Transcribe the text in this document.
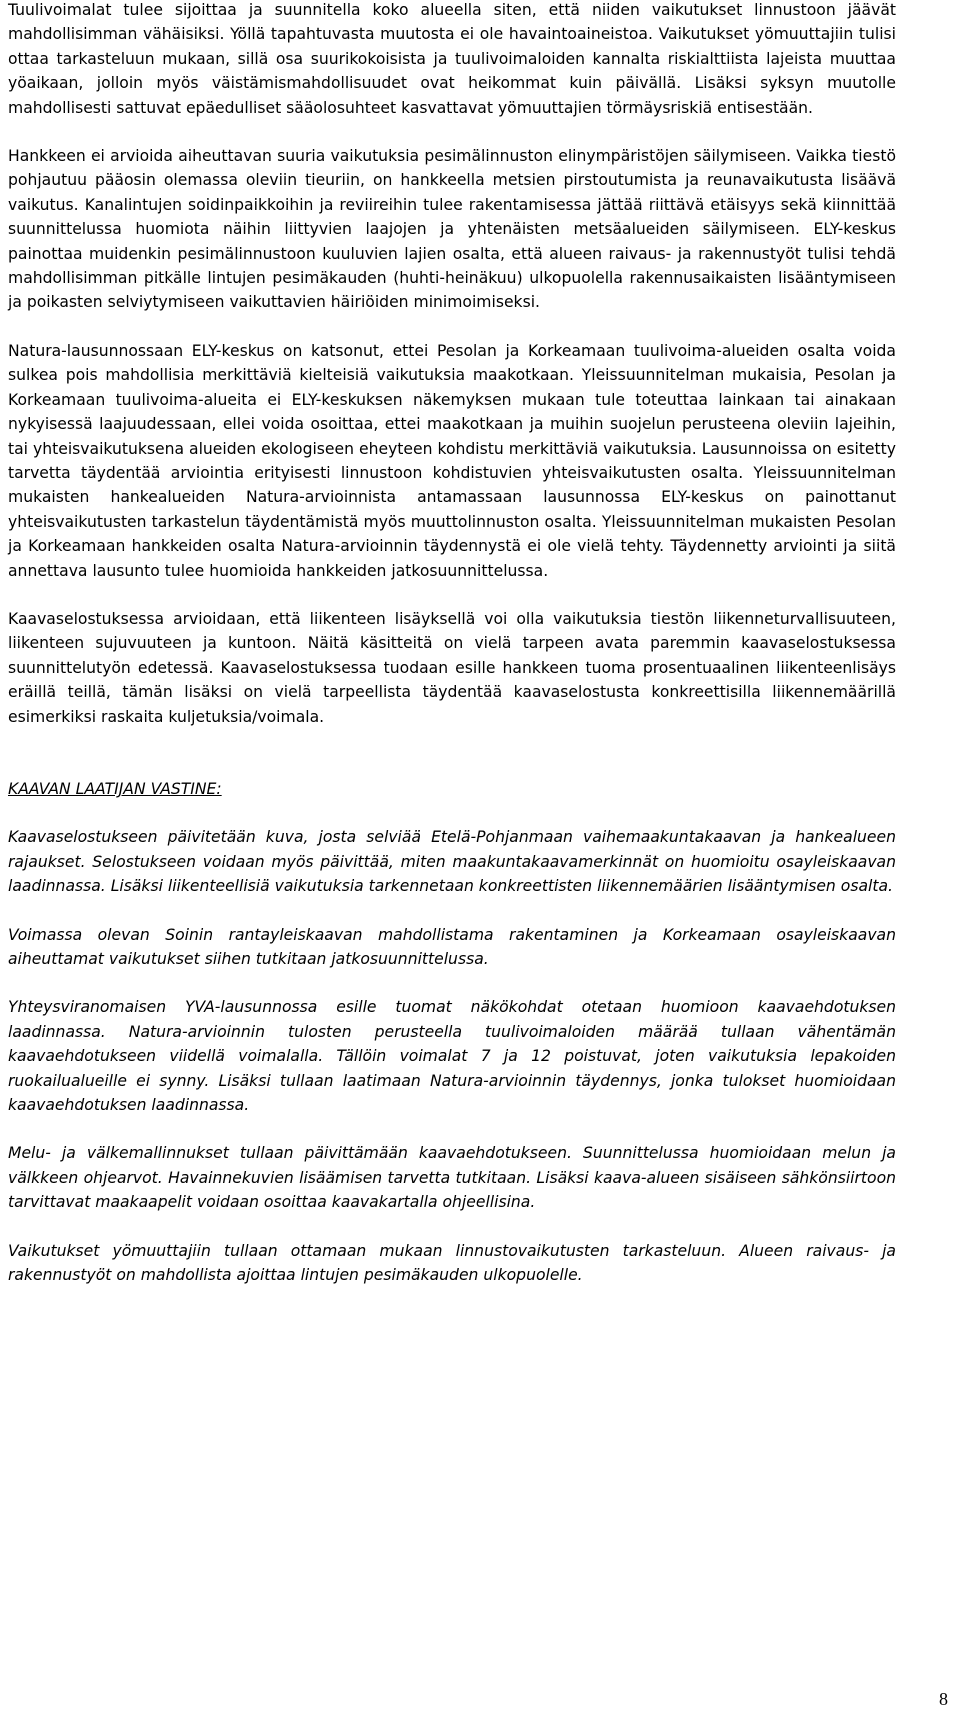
Tuulivoimalat tulee sijoittaa ja suunnitella koko alueella siten, että niiden vaikutukset linnustoon jäävät mahdollisimman vähäisiksi. Yöllä tapahtuvasta muutosta ei ole havaintoaineistoa. Vaikutukset yömuuttajiin tulisi ottaa tarkasteluun mukaan, sillä osa suurikokoisista ja tuulivoimaloiden kannalta riskialttiista lajeista muuttaa yöaikaan, jolloin myös väistämismahdollisuudet ovat heikommat kuin päivällä. Lisäksi syksyn muutolle mahdollisesti sattuvat epäedulliset sääolosuhteet kasvattavat yömuuttajien törmäysriskiä entisestään.

Hankkeen ei arvioida aiheuttavan suuria vaikutuksia pesimälinnuston elinympäristöjen säilymiseen. Vaikka tiestö pohjautuu pääosin olemassa oleviin tieuriin, on hankkeella metsien pirstoutumista ja reunavaikutusta lisäävä vaikutus. Kanalintujen soidinpaikkoihin ja reviireihin tulee rakentamisessa jättää riittävä etäisyys sekä kiinnittää suunnittelussa huomiota näihin liittyvien laajojen ja yhtenäisten metsäalueiden säilymiseen. ELY-keskus painottaa muidenkin pesimälinnustoon kuuluvien lajien osalta, että alueen raivaus- ja rakennustyöt tulisi tehdä mahdollisimman pitkälle lintujen pesimäkauden (huhti-heinäkuu) ulkopuolella rakennusaikaisten lisääntymiseen ja poikasten selviytymiseen vaikuttavien häiriöiden minimoimiseksi.

Natura-lausunnossaan ELY-keskus on katsonut, ettei Pesolan ja Korkeamaan tuulivoima-alueiden osalta voida sulkea pois mahdollisia merkittäviä kielteisiä vaikutuksia maakotkaan. Yleissuunnitelman mukaisia, Pesolan ja Korkeamaan tuulivoima-alueita ei ELY-keskuksen näkemyksen mukaan tule toteuttaa lainkaan tai ainakaan nykyisessä laajuudessaan, ellei voida osoittaa, ettei maakotkaan ja muihin suojelun perusteena oleviin lajeihin, tai yhteisvaikutuksena alueiden ekologiseen eheyteen kohdistu merkittäviä vaikutuksia. Lausunnoissa on esitetty tarvetta täydentää arviointia erityisesti linnustoon kohdistuvien yhteisvaikutusten osalta. Yleissuunnitelman mukaisten hankealueiden Natura-arvioinnista antamassaan lausunnossa ELY-keskus on painottanut yhteisvaikutusten tarkastelun täydentämistä myös muuttolinnuston osalta. Yleissuunnitelman mukaisten Pesolan ja Korkeamaan hankkeiden osalta Natura-arvioinnin täydennystä ei ole vielä tehty. Täydennetty arviointi ja siitä annettava lausunto tulee huomioida hankkeiden jatkosuunnittelussa.

Kaavaselostuksessa arvioidaan, että liikenteen lisäyksellä voi olla vaikutuksia tiestön liikenneturvallisuuteen, liikenteen sujuvuuteen ja kuntoon. Näitä käsitteitä on vielä tarpeen avata paremmin kaavaselostuksessa suunnittelutyön edetessä. Kaavaselostuksessa tuodaan esille hankkeen tuoma prosentuaalinen liikenteenlisäys eräillä teillä, tämän lisäksi on vielä tarpeellista täydentää kaavaselostusta konkreettisilla liikennemäärillä esimerkiksi raskaita kuljetuksia/voimala.

KAAVAN LAATIJAN VASTINE:

Kaavaselostukseen päivitetään kuva, josta selviää Etelä-Pohjanmaan vaihemaakuntakaavan ja hankealueen rajaukset. Selostukseen voidaan myös päivittää, miten maakuntakaavamerkinnät on huomioitu osayleiskaavan laadinnassa. Lisäksi liikenteellisiä vaikutuksia tarkennetaan konkreettisten liikennemäärien lisääntymisen osalta.

Voimassa olevan Soinin rantayleiskaavan mahdollistama rakentaminen ja Korkeamaan osayleiskaavan aiheuttamat vaikutukset siihen tutkitaan jatkosuunnittelussa.

Yhteysviranomaisen YVA-lausunnossa esille tuomat näkökohdat otetaan huomioon kaavaehdotuksen laadinnassa. Natura-arvioinnin tulosten perusteella tuulivoimaloiden määrää tullaan vähentämän kaavaehdotukseen viidellä voimalalla. Tällöin voimalat 7 ja 12 poistuvat, joten vaikutuksia lepakoiden ruokailualueille ei synny. Lisäksi tullaan laatimaan Natura-arvioinnin täydennys, jonka tulokset huomioidaan kaavaehdotuksen laadinnassa.

Melu- ja välkemallinnukset tullaan päivittämään kaavaehdotukseen. Suunnittelussa huomioidaan melun ja välkkeen ohjearvot. Havainnekuvien lisäämisen tarvetta tutkitaan. Lisäksi kaava-alueen sisäiseen sähkönsiirtoon tarvittavat maakaapelit voidaan osoittaa kaavakartalla ohjeellisina.

Vaikutukset yömuuttajiin tullaan ottamaan mukaan linnustovaikutusten tarkasteluun. Alueen raivaus- ja rakennustyöt on mahdollista ajoittaa lintujen pesimäkauden ulkopuolelle.

8
